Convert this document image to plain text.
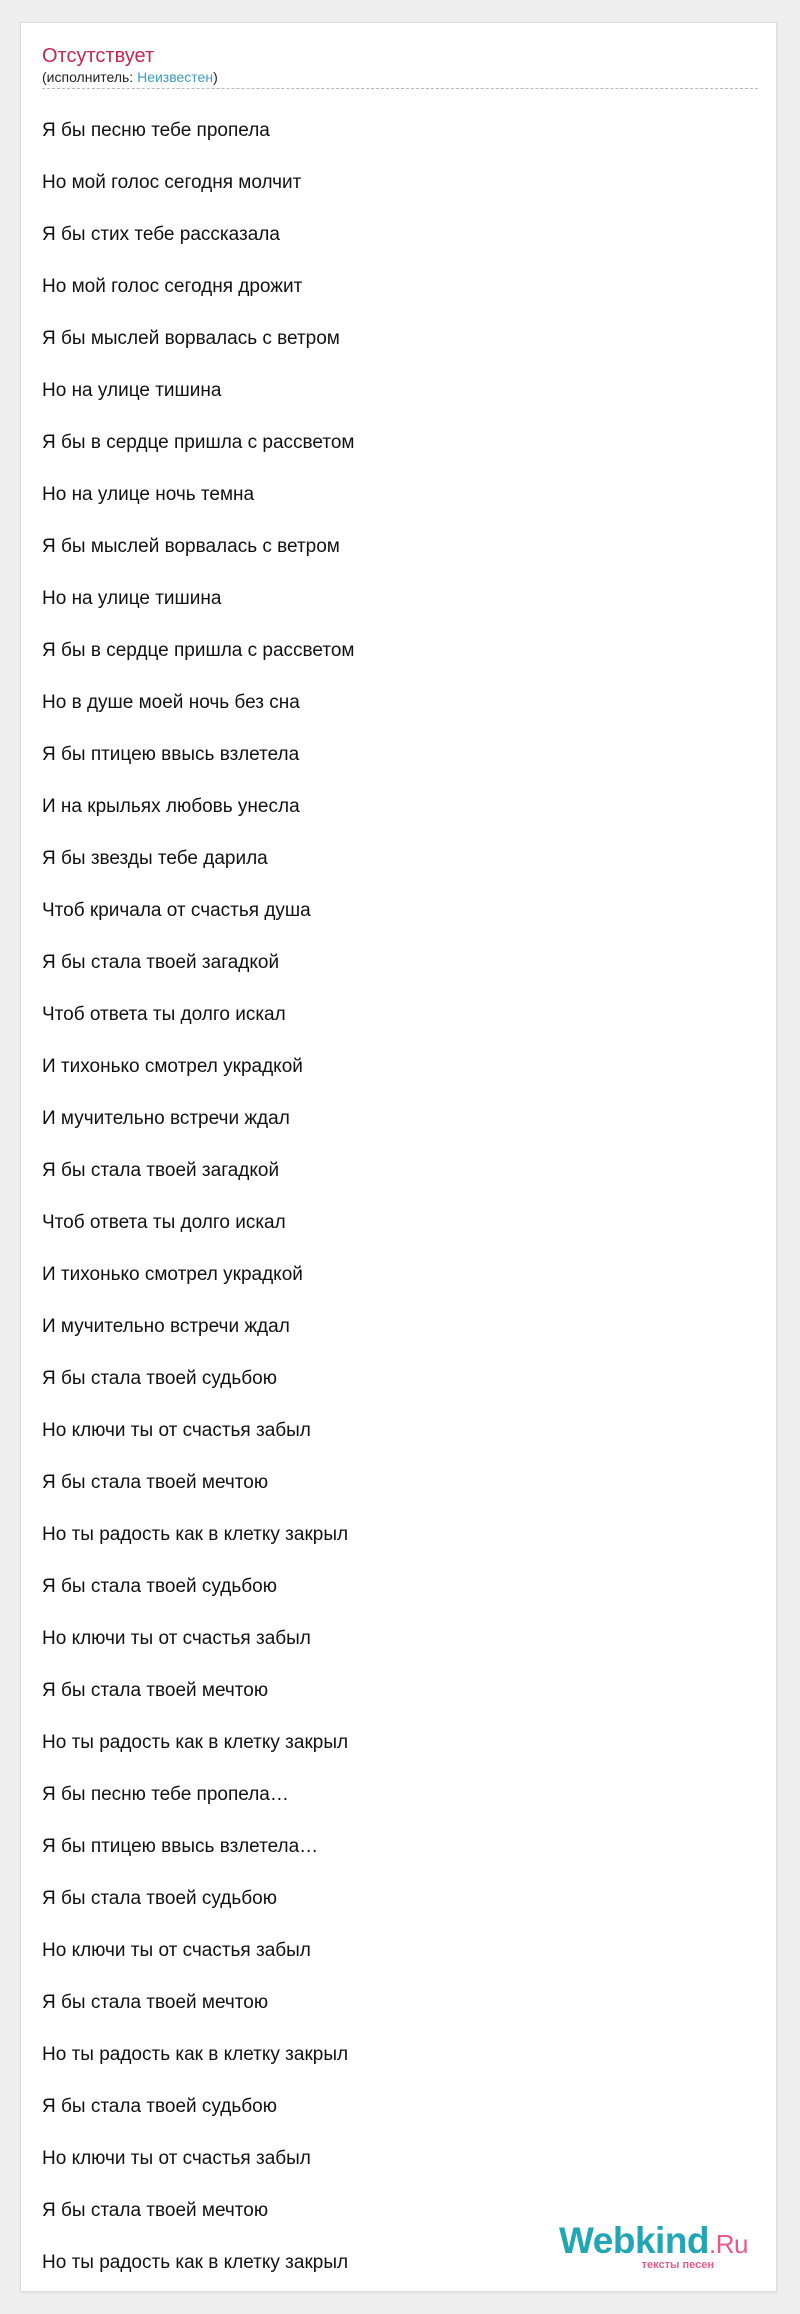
Отсутствует
(исполнитель: Неизвестен)
Я бы песню тебе пропела
Но мой голос сегодня молчит
Я бы стих тебе рассказала
Но мой голос сегодня дрожит
Я бы мыслей ворвалась с ветром
Но на улице тишина
Я бы в сердце пришла с рассветом
Но на улице ночь темна
Я бы мыслей ворвалась с ветром
Но на улице тишина
Я бы в сердце пришла с рассветом
Но в душе моей ночь без сна
Я бы птицею ввысь взлетела
И на крыльях любовь унесла
Я бы звезды тебе дарила
Чтоб кричала от счастья душа
Я бы стала твоей загадкой
Чтоб ответа ты долго искал
И тихонько смотрел украдкой
И мучительно встречи ждал
Я бы стала твоей загадкой
Чтоб ответа ты долго искал
И тихонько смотрел украдкой
И мучительно встречи ждал
Я бы стала твоей судьбою
Но ключи ты от счастья забыл
Я бы стала твоей мечтою
Но ты радость как в клетку закрыл
Я бы стала твоей судьбою
Но ключи ты от счастья забыл
Я бы стала твоей мечтою
Но ты радость как в клетку закрыл
Я бы песню тебе пропела…
Я бы птицею ввысь взлетела…
Я бы стала твоей судьбою
Но ключи ты от счастья забыл
Я бы стала твоей мечтою
Но ты радость как в клетку закрыл
Я бы стала твоей судьбою
Но ключи ты от счастья забыл
Я бы стала твоей мечтою
Но ты радость как в клетку закрыл
Webkind.Ru
тексты песен
